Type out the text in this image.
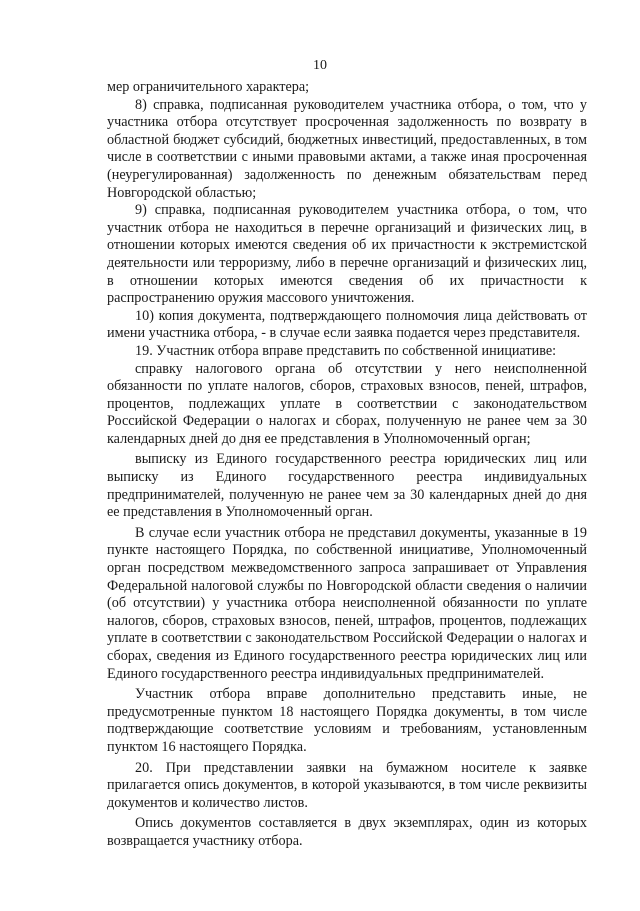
10

мер ограничительного характера;

8) справка, подписанная руководителем участника отбора, о том, что у участника отбора отсутствует просроченная задолженность по возврату в областной бюджет субсидий, бюджетных инвестиций, предоставленных, в том числе в соответствии с иными правовыми актами, а также иная просроченная (неурегулированная) задолженность по денежным обязательствам перед Новгородской областью;

9) справка, подписанная руководителем участника отбора, о том, что участник отбора не находиться в перечне организаций и физических лиц, в отношении которых имеются сведения об их причастности к экстремистской деятельности или терроризму, либо в перечне организаций и физических лиц, в отношении которых имеются сведения об их причастности к распространению оружия массового уничтожения.

10) копия документа, подтверждающего полномочия лица действовать от имени участника отбора, - в случае если заявка подается через представителя.

19. Участник отбора вправе представить по собственной инициативе:

справку налогового органа об отсутствии у него неисполненной обязанности по уплате налогов, сборов, страховых взносов, пеней, штрафов, процентов, подлежащих уплате в соответствии с законодательством Российской Федерации о налогах и сборах, полученную не ранее чем за 30 календарных дней до дня ее представления в Уполномоченный орган;

выписку из Единого государственного реестра юридических лиц или выписку из Единого государственного реестра индивидуальных предпринимателей, полученную не ранее чем за 30 календарных дней до дня ее представления в Уполномоченный орган.

В случае если участник отбора не представил документы, указанные в 19 пункте настоящего Порядка, по собственной инициативе, Уполномоченный орган посредством межведомственного запроса запрашивает от Управления Федеральной налоговой службы по Новгородской области сведения о наличии (об отсутствии) у участника отбора неисполненной обязанности по уплате налогов, сборов, страховых взносов, пеней, штрафов, процентов, подлежащих уплате в соответствии с законодательством Российской Федерации о налогах и сборах, сведения из Единого государственного реестра юридических лиц или Единого государственного реестра индивидуальных предпринимателей.

Участник отбора вправе дополнительно представить иные, не предусмотренные пунктом 18 настоящего Порядка документы, в том числе подтверждающие соответствие условиям и требованиям, установленным пунктом 16 настоящего Порядка.

20. При представлении заявки на бумажном носителе к заявке прилагается опись документов, в которой указываются, в том числе реквизиты документов и количество листов.

Опись документов составляется в двух экземплярах, один из которых возвращается участнику отбора.
